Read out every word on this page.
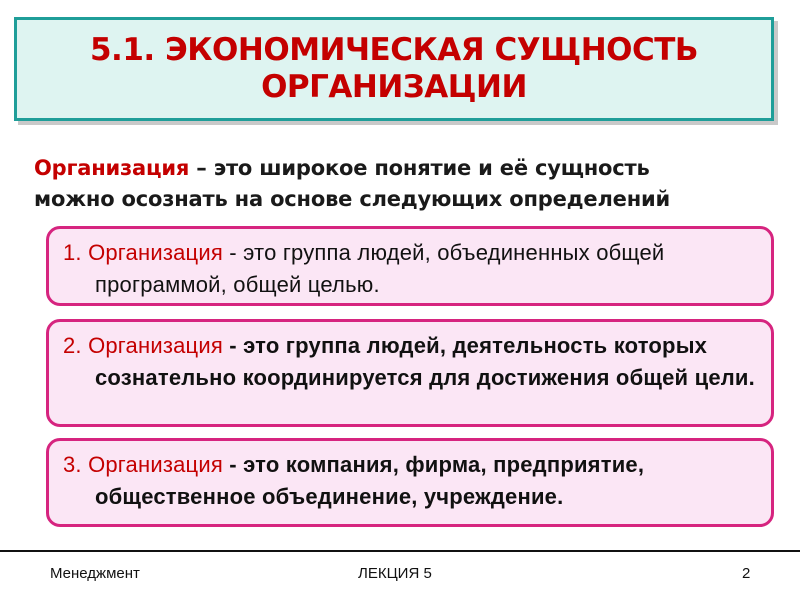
5.1. ЭКОНОМИЧЕСКАЯ СУЩНОСТЬ
ОРГАНИЗАЦИИ
Организация – это широкое понятие и её сущность
можно осознать на основе следующих определений
1. Организация - это группа людей, объединенных общей программой, общей целью.
2. Организация - это группа людей, деятельность которых сознательно координируется для достижения общей цели.
3. Организация - это компания, фирма, предприятие, общественное объединение, учреждение.
Менеджмент	ЛЕКЦИЯ 5	2
